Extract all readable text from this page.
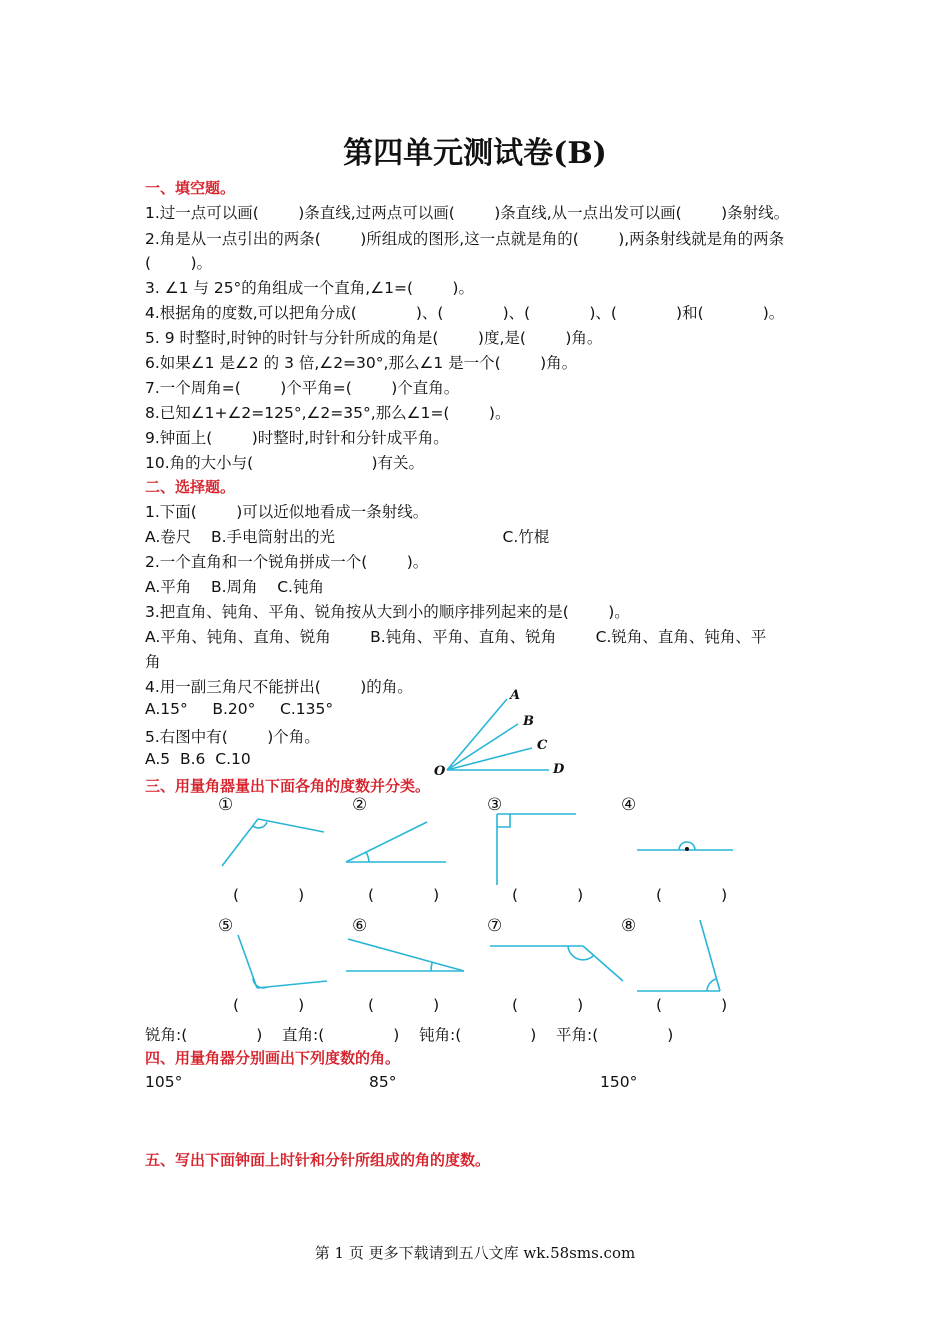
第四单元测试卷(B)
一、填空题。
1.过一点可以画(        )条直线,过两点可以画(        )条直线,从一点出发可以画(        )条射线。
2.角是从一点引出的两条(        )所组成的图形,这一点就是角的(        ),两条射线就是角的两条
(        )。
3. ∠1 与 25°的角组成一个直角,∠1=(        )。
4.根据角的度数,可以把角分成(            )、(            )、(            )、(            )和(            )。
5. 9 时整时,时钟的时针与分针所成的角是(        )度,是(        )角。
6.如果∠1 是∠2 的 3 倍,∠2=30°,那么∠1 是一个(        )角。
7.一个周角=(        )个平角=(        )个直角。
8.已知∠1+∠2=125°,∠2=35°,那么∠1=(        )。
9.钟面上(        )时整时,时针和分针成平角。
10.角的大小与(                        )有关。
二、选择题。
1.下面(        )可以近似地看成一条射线。
A.卷尺    B.手电筒射出的光                                  C.竹棍
2.一个直角和一个锐角拼成一个(        )。
A.平角    B.周角    C.钝角
3.把直角、钝角、平角、锐角按从大到小的顺序排列起来的是(        )。
A.平角、钝角、直角、锐角        B.钝角、平角、直角、锐角        C.锐角、直角、钝角、平
角
4.用一副三角尺不能拼出(        )的角。
A.15°     B.20°     C.135°
5.右图中有(        )个角。
A.5  B.6  C.10
三、用量角器量出下面各角的度数并分类。
A
B
C
D
O
①	②	③	④
⑤	⑥	⑦	⑧
(            )	(            )	(            )	(            )
(            )	(            )	(            )	(            )
锐角:(              )    直角:(              )    钝角:(              )    平角:(              )
四、用量角器分别画出下列度数的角。
105°	85°	150°
五、写出下面钟面上时针和分针所组成的角的度数。
第 1 页 更多下载请到五八文库 wk.58sms.com
